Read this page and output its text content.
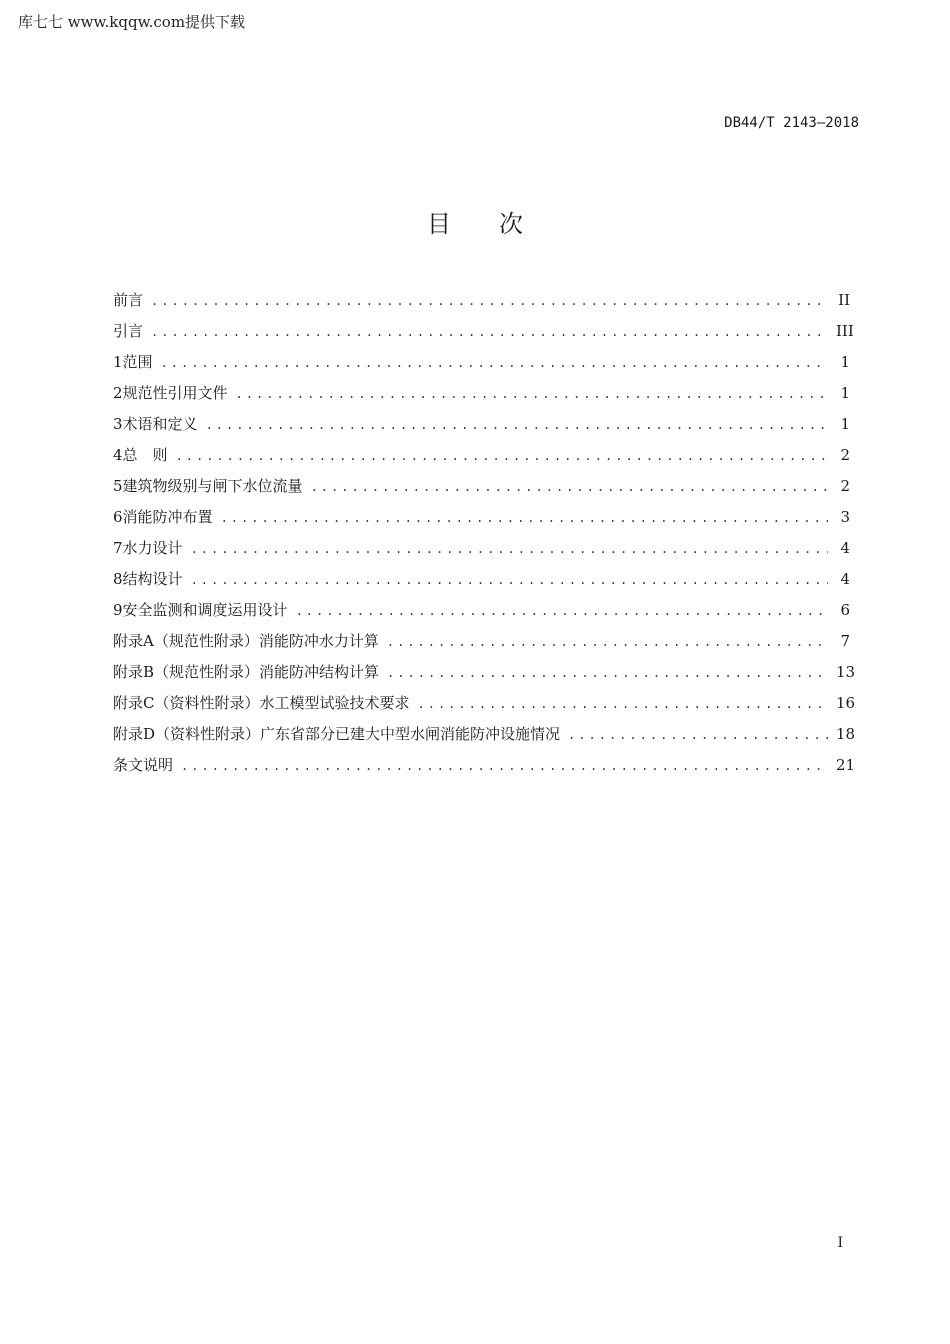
库七七 www.kqqw.com提供下载
DB44/T 2143—2018
目次
前言 .....	II
引言 .....	III
1 范围 .....	1
2 规范性引用文件 .....	1
3 术语和定义 .....	1
4 总　则 .....	2
5 建筑物级别与闸下水位流量 .....	2
6 消能防冲布置 .....	3
7 水力设计 .....	4
8 结构设计 .....	4
9 安全监测和调度运用设计 .....	6
附录A（规范性附录） 消能防冲水力计算 .....	7
附录B（规范性附录） 消能防冲结构计算 .....	13
附录C（资料性附录） 水工模型试验技术要求 .....	16
附录D（资料性附录） 广东省部分已建大中型水闸消能防冲设施情况 .....	18
条文说明 .....	21
I
